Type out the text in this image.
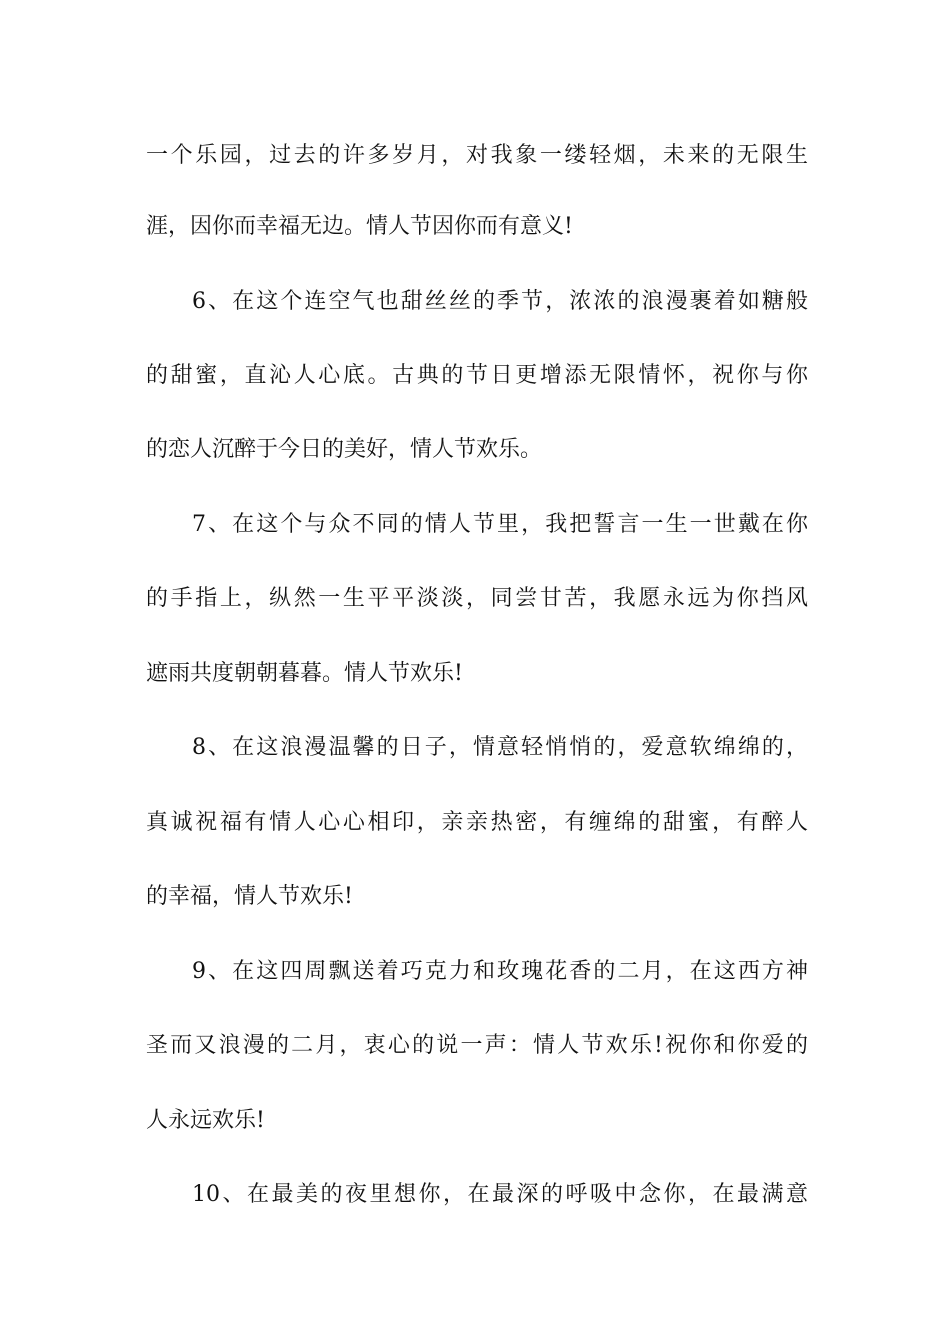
一个乐园，过去的许多岁月，对我象一缕轻烟，未来的无限生
涯，因你而幸福无边。情人节因你而有意义!
6、在这个连空气也甜丝丝的季节，浓浓的浪漫裹着如糖般
的甜蜜，直沁人心底。古典的节日更增添无限情怀，祝你与你
的恋人沉醉于今日的美好，情人节欢乐。
7、在这个与众不同的情人节里，我把誓言一生一世戴在你
的手指上，纵然一生平平淡淡，同尝甘苦，我愿永远为你挡风
遮雨共度朝朝暮暮。情人节欢乐!
8、在这浪漫温馨的日子，情意轻悄悄的，爱意软绵绵的，
真诚祝福有情人心心相印，亲亲热密，有缠绵的甜蜜，有醉人
的幸福，情人节欢乐!
9、在这四周飘送着巧克力和玫瑰花香的二月，在这西方神
圣而又浪漫的二月，衷心的说一声：情人节欢乐!祝你和你爱的
人永远欢乐!
10、在最美的夜里想你，在最深的呼吸中念你，在最满意
